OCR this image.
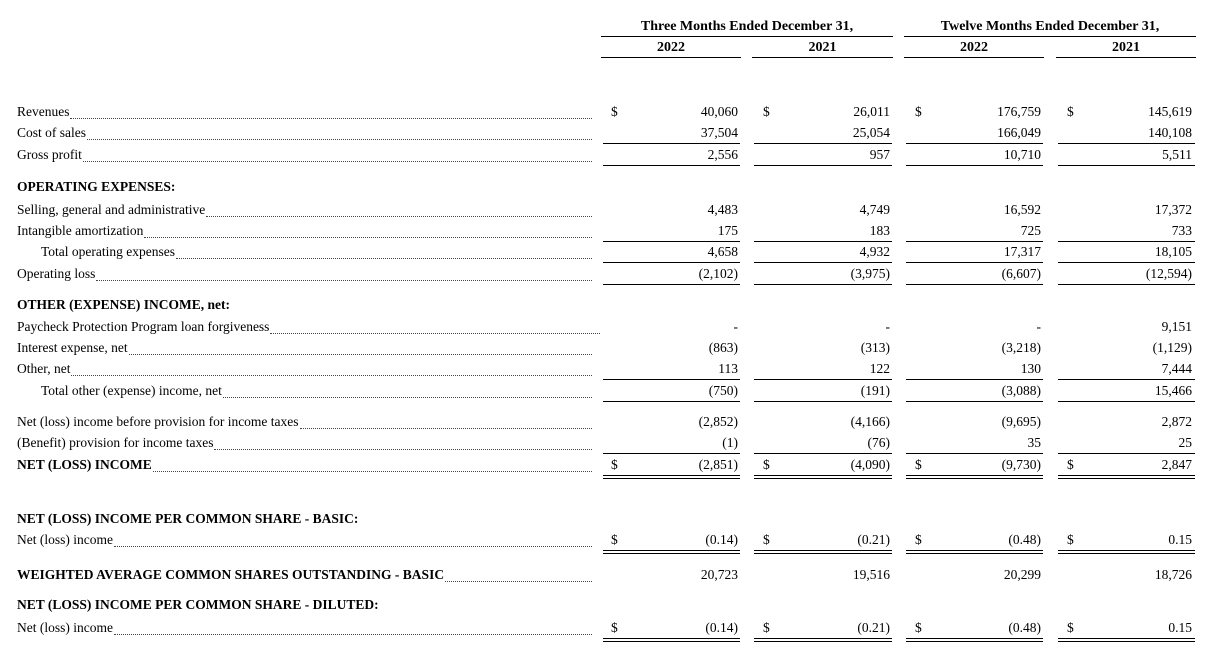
Three Months Ended December 31,	Twelve Months Ended December 31,
2022	2021	2022	2021
OPERATING EXPENSES:
OTHER (EXPENSE) INCOME, net:
NET (LOSS) INCOME PER COMMON SHARE - BASIC:
NET (LOSS) INCOME PER COMMON SHARE - DILUTED:
Revenues	$	40,060 $	26,011 $	176,759 $	145,619
Cost of sales	37,504	25,054	166,049	140,108
Gross profit	2,556	957	10,710	5,511
Selling, general and administrative	4,483	4,749	16,592	17,372
Intangible amortization	175	183	725	733
Total operating expenses	4,658	4,932	17,317	18,105
Operating loss	(2,102)	(3,975)	(6,607)	(12,594)
Paycheck Protection Program loan forgiveness	-	-	-	9,151
Interest expense, net	(863)	(313)	(3,218)	(1,129)
Other, net	113	122	130	7,444
Total other (expense) income, net	(750)	(191)	(3,088)	15,466
Net (loss) income before provision for income taxes	(2,852)	(4,166)	(9,695)	2,872
(Benefit) provision for income taxes	(1)	(76)	35	25
NET (LOSS) INCOME	$	(2,851) $	(4,090) $	(9,730) $	2,847
Net (loss) income	$	(0.14) $	(0.21) $	(0.48) $	0.15
WEIGHTED AVERAGE COMMON SHARES OUTSTANDING - BASIC	20,723	19,516	20,299	18,726
Net (loss) income	$	(0.14) $	(0.21) $	(0.48) $	0.15
